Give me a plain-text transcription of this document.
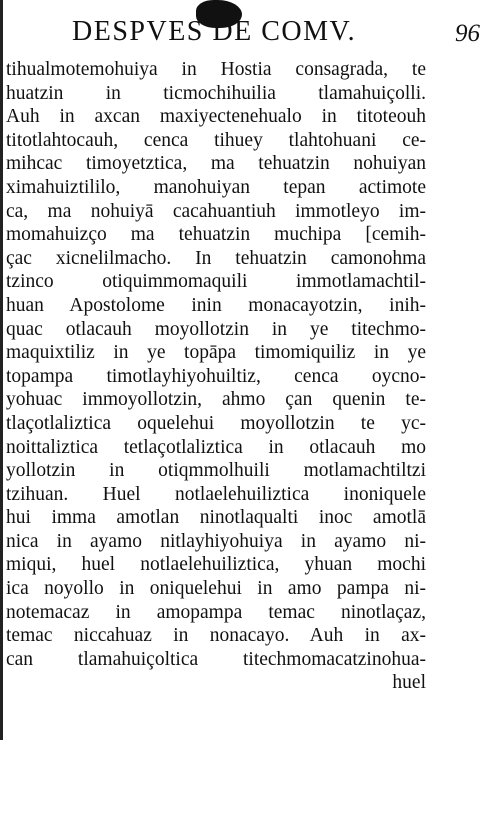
DESPVES DE COMV.	96
tihualmotemohuiya in Hostia consagrada, te
huatzin in ticmochihuilia tlamahuiçolli.
Auh in axcan maxiyectenehualo in titoteouh
titotlahtocauh, cenca tihuey tlahtohuani ce-
mihcac timoyetztica, ma tehuatzin nohuiyan
ximahuiztililo, manohuiyan tepan actimote
ca, ma nohuiyā cacahuantiuh immotleyo im-
momahuizço ma tehuatzin muchipa [cemih-
çac xicnelilmacho. In tehuatzin camonohma
tzinco otiquimmomaquili immotlamachtil-
huan Apostolome inin monacayotzin, inih-
quac otlacauh moyollotzin in ye titechmo-
maquixtiliz in ye topāpa timomiquiliz in ye
topampa timotlayhiyohuiltiz, cenca oycno-
yohuac immoyollotzin, ahmo çan quenin te-
tlaçotlaliztica oquelehui moyollotzin te yc-
noittaliztica tetlaçotlaliztica in otlacauh mo
yollotzin in otiqmmolhuili motlamachtiltzi
tzihuan. Huel notlaelehuiliztica inoniquele
hui imma amotlan ninotlaqualti inoc amotlā
nica in ayamo nitlayhiyohuiya in ayamo ni-
miqui, huel notlaelehuiliztica, yhuan mochi
ica noyollo in oniquelehui in amo pampa ni-
notemacaz in amopampa temac ninotlaçaz,
temac niccahuaz in nonacayo. Auh in ax-
can tlamahuiçoltica titechmomacatzinohua-
huel
